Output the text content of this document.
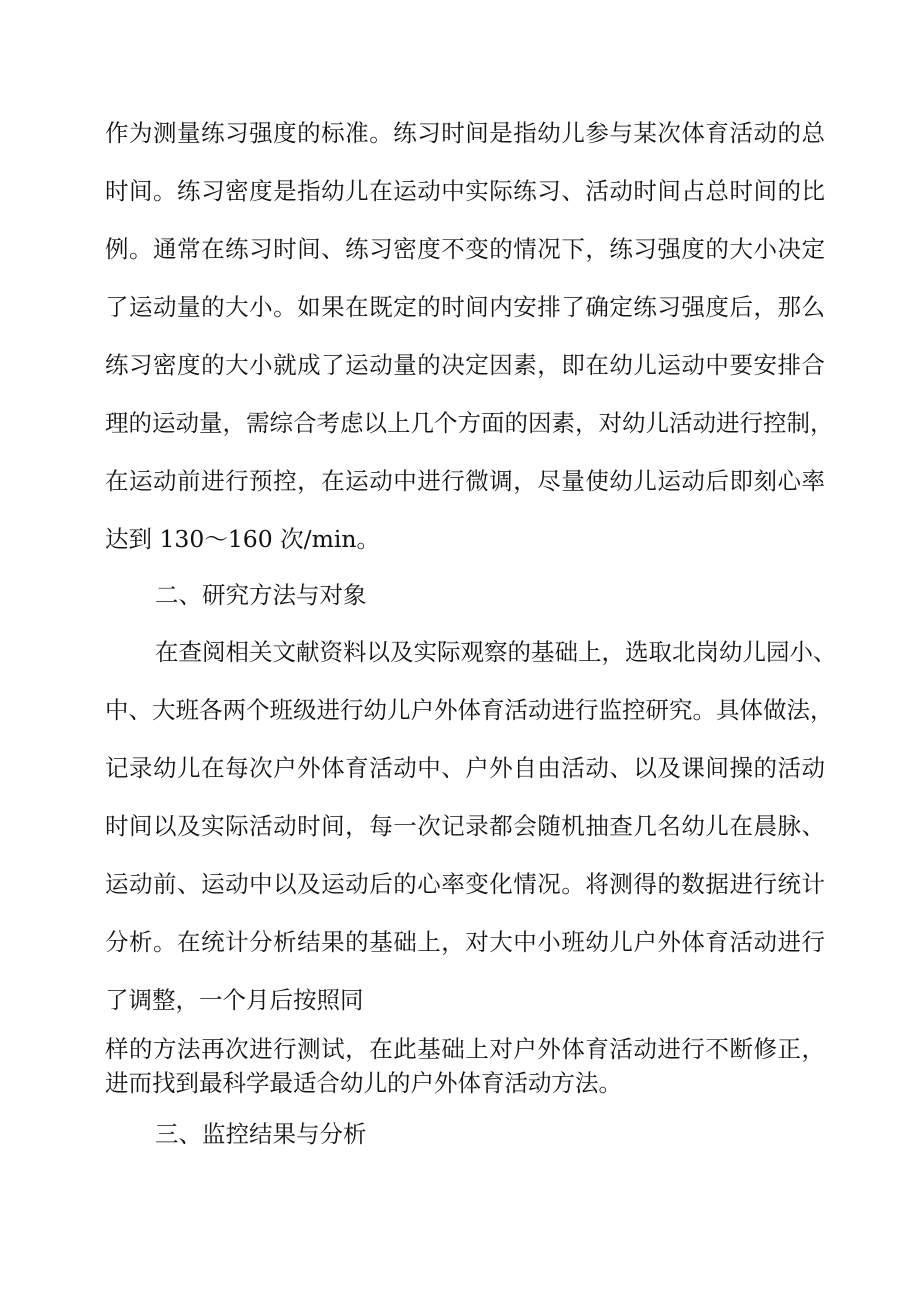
作为测量练习强度的标准。练习时间是指幼儿参与某次体育活动的总

时间。练习密度是指幼儿在运动中实际练习、活动时间占总时间的比

例。通常在练习时间、练习密度不变的情况下，练习强度的大小决定

了运动量的大小。如果在既定的时间内安排了确定练习强度后，那么

练习密度的大小就成了运动量的决定因素，即在幼儿运动中要安排合

理的运动量，需综合考虑以上几个方面的因素，对幼儿活动进行控制，

在运动前进行预控，在运动中进行微调，尽量使幼儿运动后即刻心率

达到 130～160 次/min。

二、研究方法与对象

在查阅相关文献资料以及实际观察的基础上，选取北岗幼儿园小、

中、大班各两个班级进行幼儿户外体育活动进行监控研究。具体做法，

记录幼儿在每次户外体育活动中、户外自由活动、以及课间操的活动

时间以及实际活动时间，每一次记录都会随机抽查几名幼儿在晨脉、

运动前、运动中以及运动后的心率变化情况。将测得的数据进行统计

分析。在统计分析结果的基础上，对大中小班幼儿户外体育活动进行

了调整，一个月后按照同

样的方法再次进行测试，在此基础上对户外体育活动进行不断修正，

进而找到最科学最适合幼儿的户外体育活动方法。

三、监控结果与分析
